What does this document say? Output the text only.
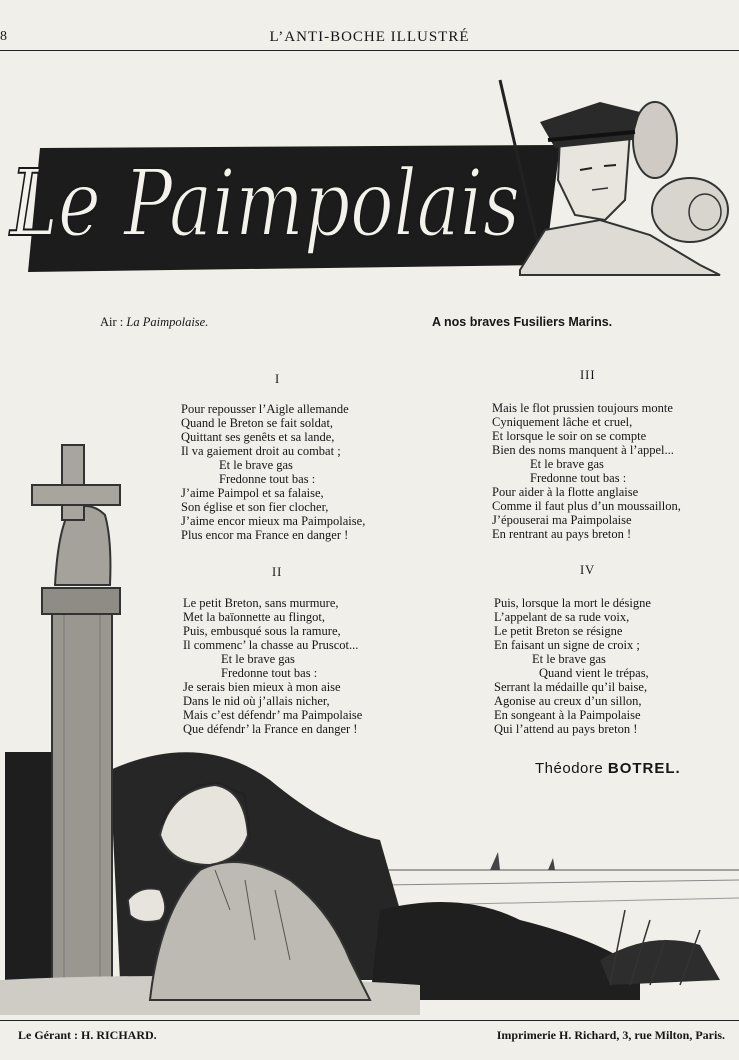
8	L’ANTI-BOCHE ILLUSTRÉ
Le Paimpolais
Air : La Paimpolaise.	A nos braves Fusiliers Marins.
I
Pour repousser l’Aigle allemande
Quand le Breton se fait soldat,
Quittant ses genêts et sa lande,
Il va gaiement droit au combat ;
Et le brave gas
Fredonne tout bas :
J’aime Paimpol et sa falaise,
Son église et son fier clocher,
J’aime encor mieux ma Paimpolaise,
Plus encor ma France en danger !
II
Le petit Breton, sans murmure,
Met la baïonnette au flingot,
Puis, embusqué sous la ramure,
Il commenc’ la chasse au Pruscot...
Et le brave gas
Fredonne tout bas :
Je serais bien mieux à mon aise
Dans le nid où j’allais nicher,
Mais c’est défendr’ ma Paimpolaise
Que défendr’ la France en danger !
III
Mais le flot prussien toujours monte
Cyniquement lâche et cruel,
Et lorsque le soir on se compte
Bien des noms manquent à l’appel...
Et le brave gas
Fredonne tout bas :
Pour aider à la flotte anglaise
Comme il faut plus d’un moussaillon,
J’épouserai ma Paimpolaise
En rentrant au pays breton !
IV
Puis, lorsque la mort le désigne
L’appelant de sa rude voix,
Le petit Breton se résigne
En faisant un signe de croix ;
Et le brave gas
Quand vient le trépas,
Serrant la médaille qu’il baise,
Agonise au creux d’un sillon,
En songeant à la Paimpolaise
Qui l’attend au pays breton !
Théodore BOTREL.
Le Gérant : H. RICHARD.	Imprimerie H. Richard, 3, rue Milton, Paris.
